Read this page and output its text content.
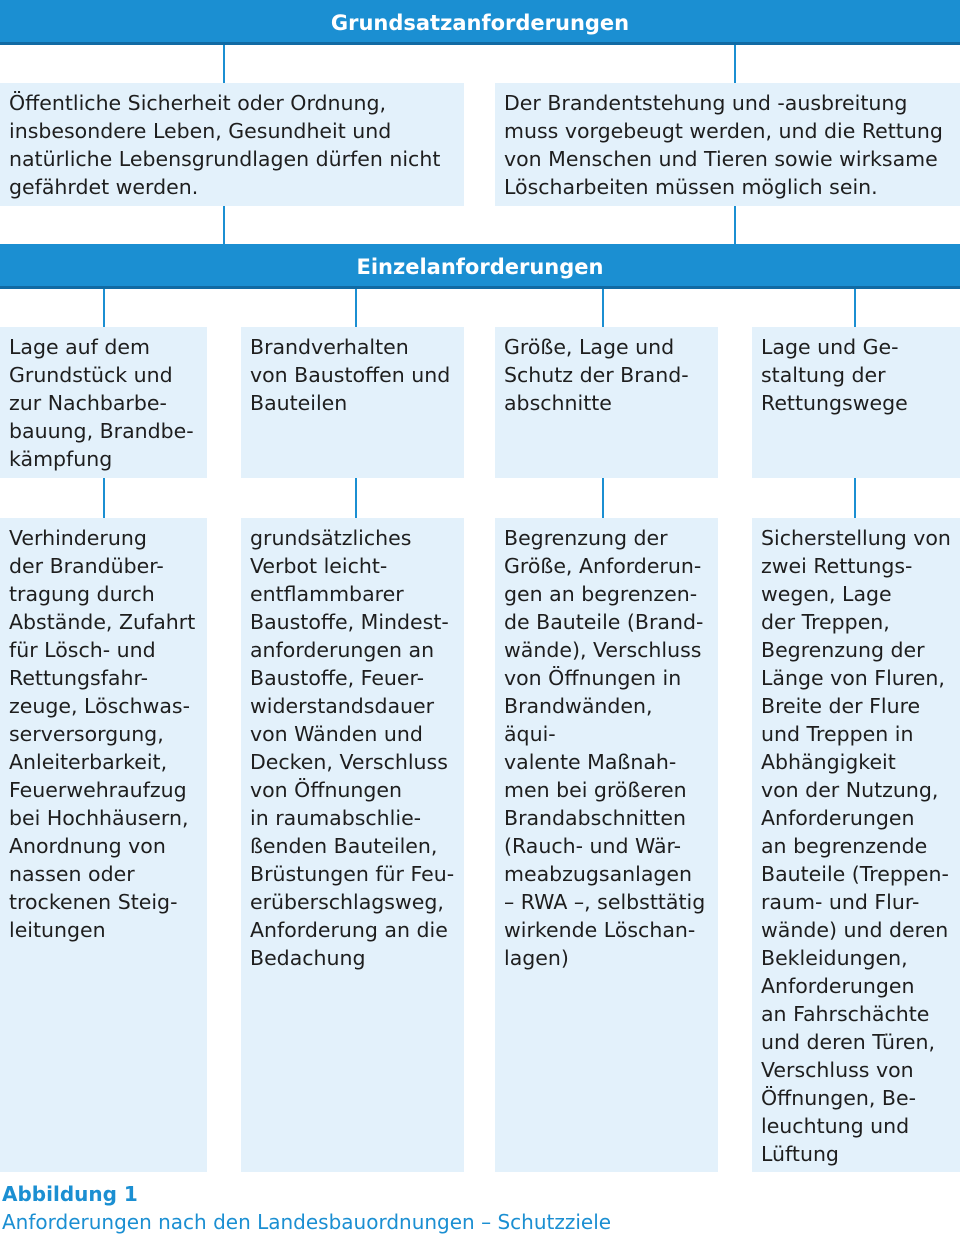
Grundsatzanforderungen
Öffentliche Sicherheit oder Ordnung,
insbesondere Leben, Gesundheit und
natürliche Lebensgrundlagen dürfen nicht
gefährdet werden.
Der Brandentstehung und -ausbreitung
muss vorgebeugt werden, und die Rettung
von Menschen und Tieren sowie wirksame
Löscharbeiten müssen möglich sein.
Einzelanforderungen
Lage auf dem
Grundstück und
zur Nachbarbe-
bauung, Brandbe-
kämpfung
Brandverhalten
von Baustoffen und
Bauteilen
Größe, Lage und
Schutz der Brand-
abschnitte
Lage und Ge-
staltung der
Rettungswege
Verhinderung
der Brandüber-
tragung durch
Abstände, Zufahrt
für Lösch- und
Rettungsfahr-
zeuge, Löschwas-
serversorgung,
Anleiterbarkeit,
Feuerwehraufzug
bei Hochhäusern,
Anordnung von
nassen oder
trockenen Steig-
leitungen
grundsätzliches
Verbot leicht-
entflammbarer
Baustoffe, Mindest-
anforderungen an
Baustoffe, Feuer-
widerstandsdauer
von Wänden und
Decken, Verschluss
von Öffnungen
in raumabschlie-
ßenden Bauteilen,
Brüstungen für Feu-
erüberschlagsweg,
Anforderung an die
Bedachung
Begrenzung der
Größe, Anforderun-
gen an begrenzen-
de Bauteile (Brand-
wände), Verschluss
von Öffnungen in
Brandwänden, äqui-
valente Maßnah-
men bei größeren
Brandabschnitten
(Rauch- und Wär-
meabzugsanlagen
– RWA –, selbsttätig
wirkende Löschan-
lagen)
Sicherstellung von
zwei Rettungs-
wegen, Lage
der Treppen,
Begrenzung der
Länge von Fluren,
Breite der Flure
und Treppen in
Abhängigkeit
von der Nutzung,
Anforderungen
an begrenzende
Bauteile (Treppen-
raum- und Flur-
wände) und deren
Bekleidungen,
Anforderungen
an Fahrschächte
und deren Türen,
Verschluss von
Öffnungen, Be-
leuchtung und
Lüftung
Abbildung 1
Anforderungen nach den Landesbauordnungen – Schutzziele
